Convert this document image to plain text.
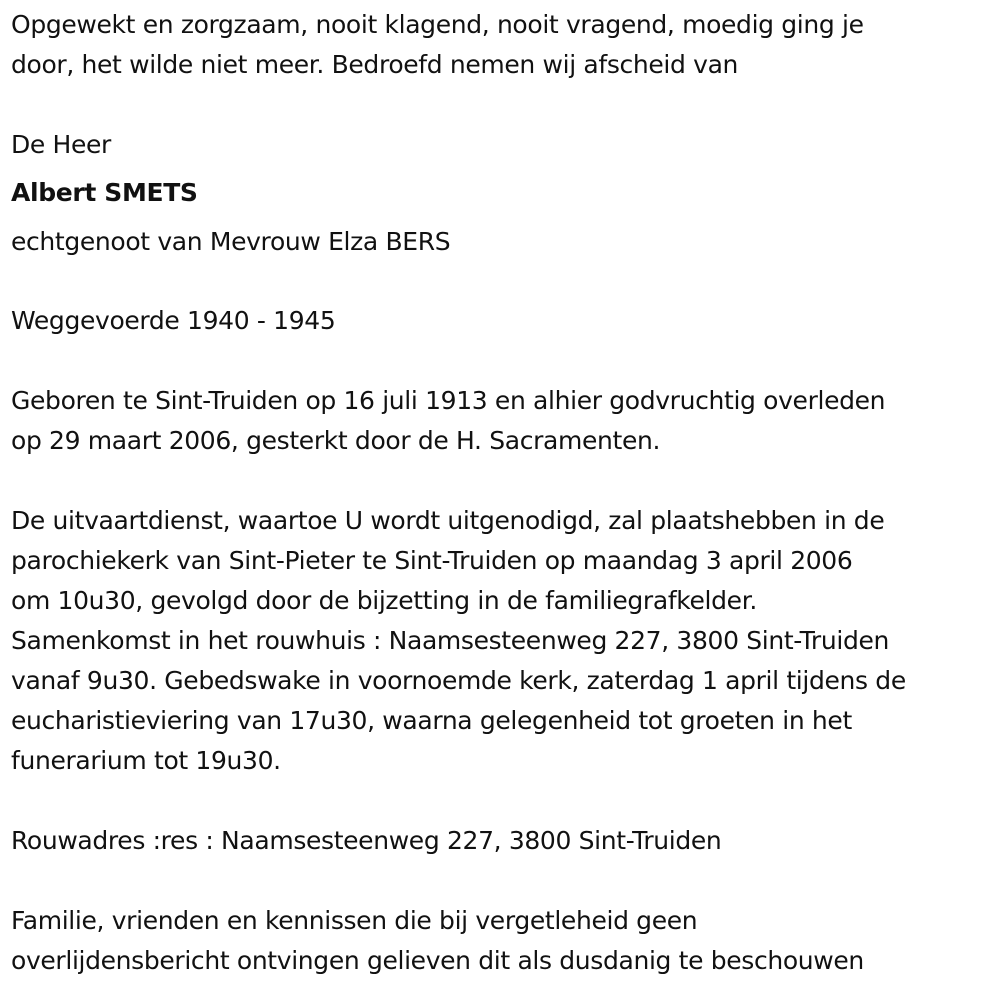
Opgewekt en zorgzaam, nooit klagend, nooit vragend, moedig ging je
door, het wilde niet meer. Bedroefd nemen wij afscheid van
De Heer
Albert SMETS
echtgenoot van Mevrouw Elza BERS
Weggevoerde 1940 - 1945
Geboren te Sint-Truiden op 16 juli 1913 en alhier godvruchtig overleden
op 29 maart 2006, gesterkt door de H. Sacramenten.
De uitvaartdienst, waartoe U wordt uitgenodigd, zal plaatshebben in de
parochiekerk van Sint-Pieter te Sint-Truiden op maandag 3 april 2006
om 10u30, gevolgd door de bijzetting in de familiegrafkelder.
Samenkomst in het rouwhuis : Naamsesteenweg 227, 3800 Sint-Truiden
vanaf 9u30. Gebedswake in voornoemde kerk, zaterdag 1 april tijdens de
eucharistieviering van 17u30, waarna gelegenheid tot groeten in het
funerarium tot 19u30.
Rouwadres :res : Naamsesteenweg 227, 3800 Sint-Truiden
Familie, vrienden en kennissen die bij vergetleheid geen
overlijdensbericht ontvingen gelieven dit als dusdanig te beschouwen
